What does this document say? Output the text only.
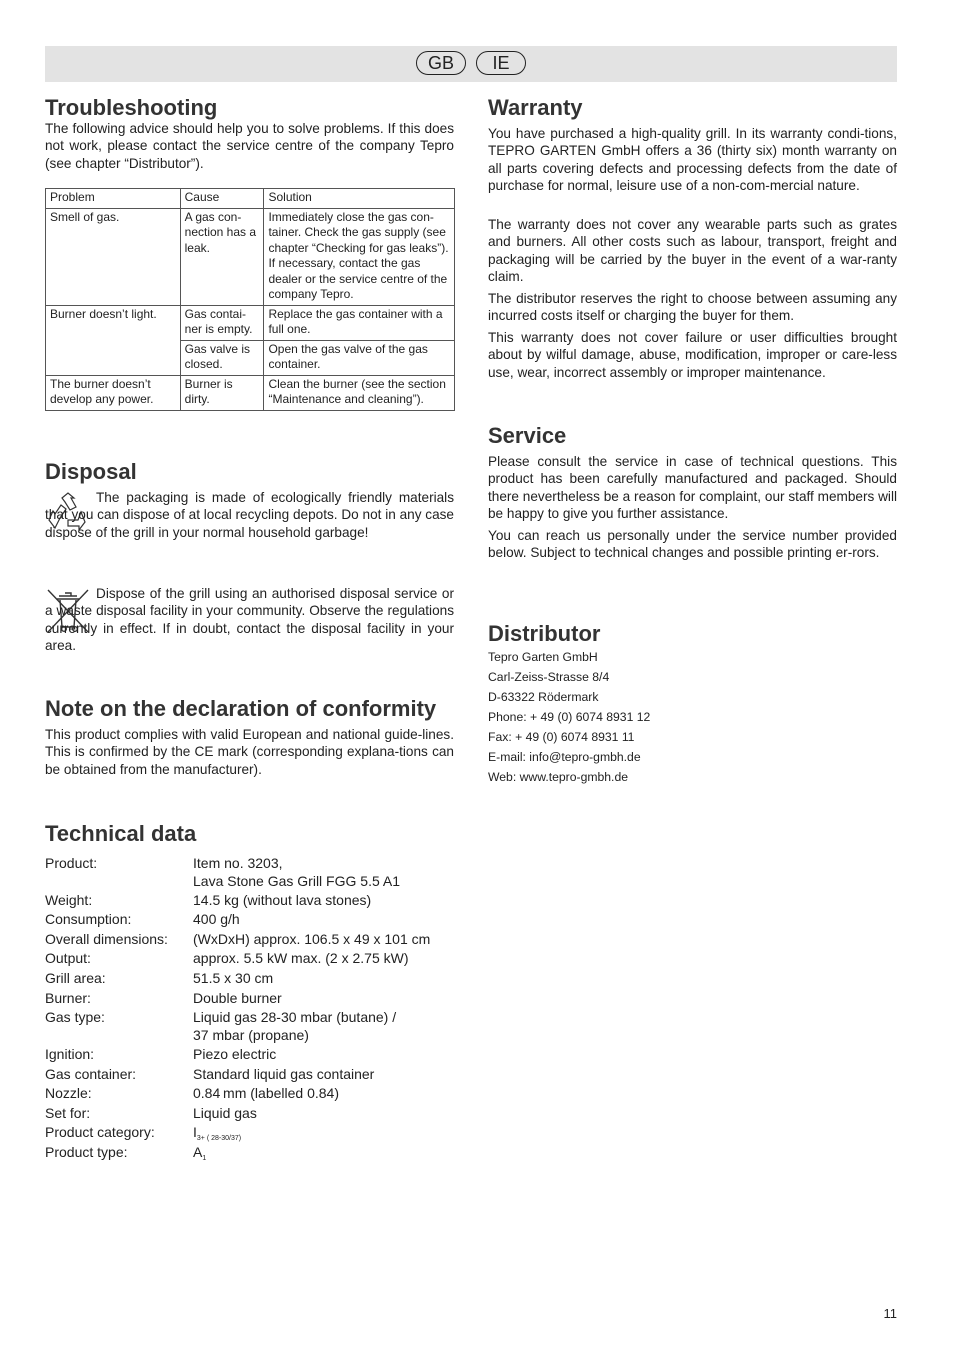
GB	IE
Troubleshooting

The following advice should help you to solve problems. If this does not work, please contact the service centre of the company Tepro (see chapter “Distributor”).

Problem	Cause	Solution
Smell of gas.	A gas con-nection has a leak.	Immediately close the gas con-tainer. Check the gas supply (see chapter “Checking for gas leaks”). If necessary, contact the gas dealer or the service centre of the company Tepro.
Burner doesn’t light.	Gas contai-ner is empty.	Replace the gas container with a full one.
	Gas valve is closed.	Open the gas valve of the gas container.
The burner doesn’t develop any power.	Burner is dirty.	Clean the burner (see the section “Maintenance and cleaning”).
Disposal

The packaging is made of ecologically friendly materials that you can dispose of at local recycling depots. Do not in any case dispose of the grill in your normal household garbage!

Dispose of the grill using an authorised disposal service or a waste disposal facility in your community. Observe the regulations currently in effect. If in doubt, contact the disposal facility in your area.

Note on the declaration of conformity

This product complies with valid European and national guide-lines. This is confirmed by the CE mark (corresponding explana-tions can be obtained from the manufacturer).

Technical data
Product:	Item no. 3203,
Lava Stone Gas Grill FGG 5.5 A1
Weight:	14.5 kg (without lava stones)
Consumption:	400 g/h
Overall dimensions:	(WxDxH) approx. 106.5 x 49 x 101 cm
Output:	approx. 5.5 kW max. (2 x 2.75 kW)
Grill area:	51.5 x 30 cm
Burner:	Double burner
Gas type:	Liquid gas 28-30 mbar (butane) /
37 mbar (propane)
Ignition:	Piezo electric
Gas container:	Standard liquid gas container
Nozzle:	0.84 mm (labelled 0.84)
Set for:	Liquid gas
Product category:	$I_{3+ ( 28-30/37)}$
Product type:	$A_1$
Warranty

You have purchased a high-quality grill. In its warranty condi-tions, TEPRO GARTEN GmbH offers a 36 (thirty six) month warranty on all parts covering defects and processing defects from the date of purchase for normal, leisure use of a non-com-mercial nature.

The warranty does not cover any wearable parts such as grates and burners. All other costs such as labour, transport, freight and packaging will be carried by the buyer in the event of a war-ranty claim.

The distributor reserves the right to choose between assuming any incurred costs itself or charging the buyer for them.

This warranty does not cover failure or user difficulties brought about by wilful damage, abuse, modification, improper or care-less use, wear, incorrect assembly or improper maintenance.

Service

Please consult the service in case of technical questions. This product has been carefully manufactured and packaged. Should there nevertheless be a reason for complaint, our staff members will be happy to give you further assistance.

You can reach us personally under the service number provided below. Subject to technical changes and possible printing er-rors.

Distributor
Tepro Garten GmbH
Carl-Zeiss-Strasse 8/4
D-63322 Rödermark
Phone: + 49 (0) 6074 8931 12
Fax: + 49 (0) 6074 8931 11
E-mail: info@tepro-gmbh.de
Web: www.tepro-gmbh.de
11
